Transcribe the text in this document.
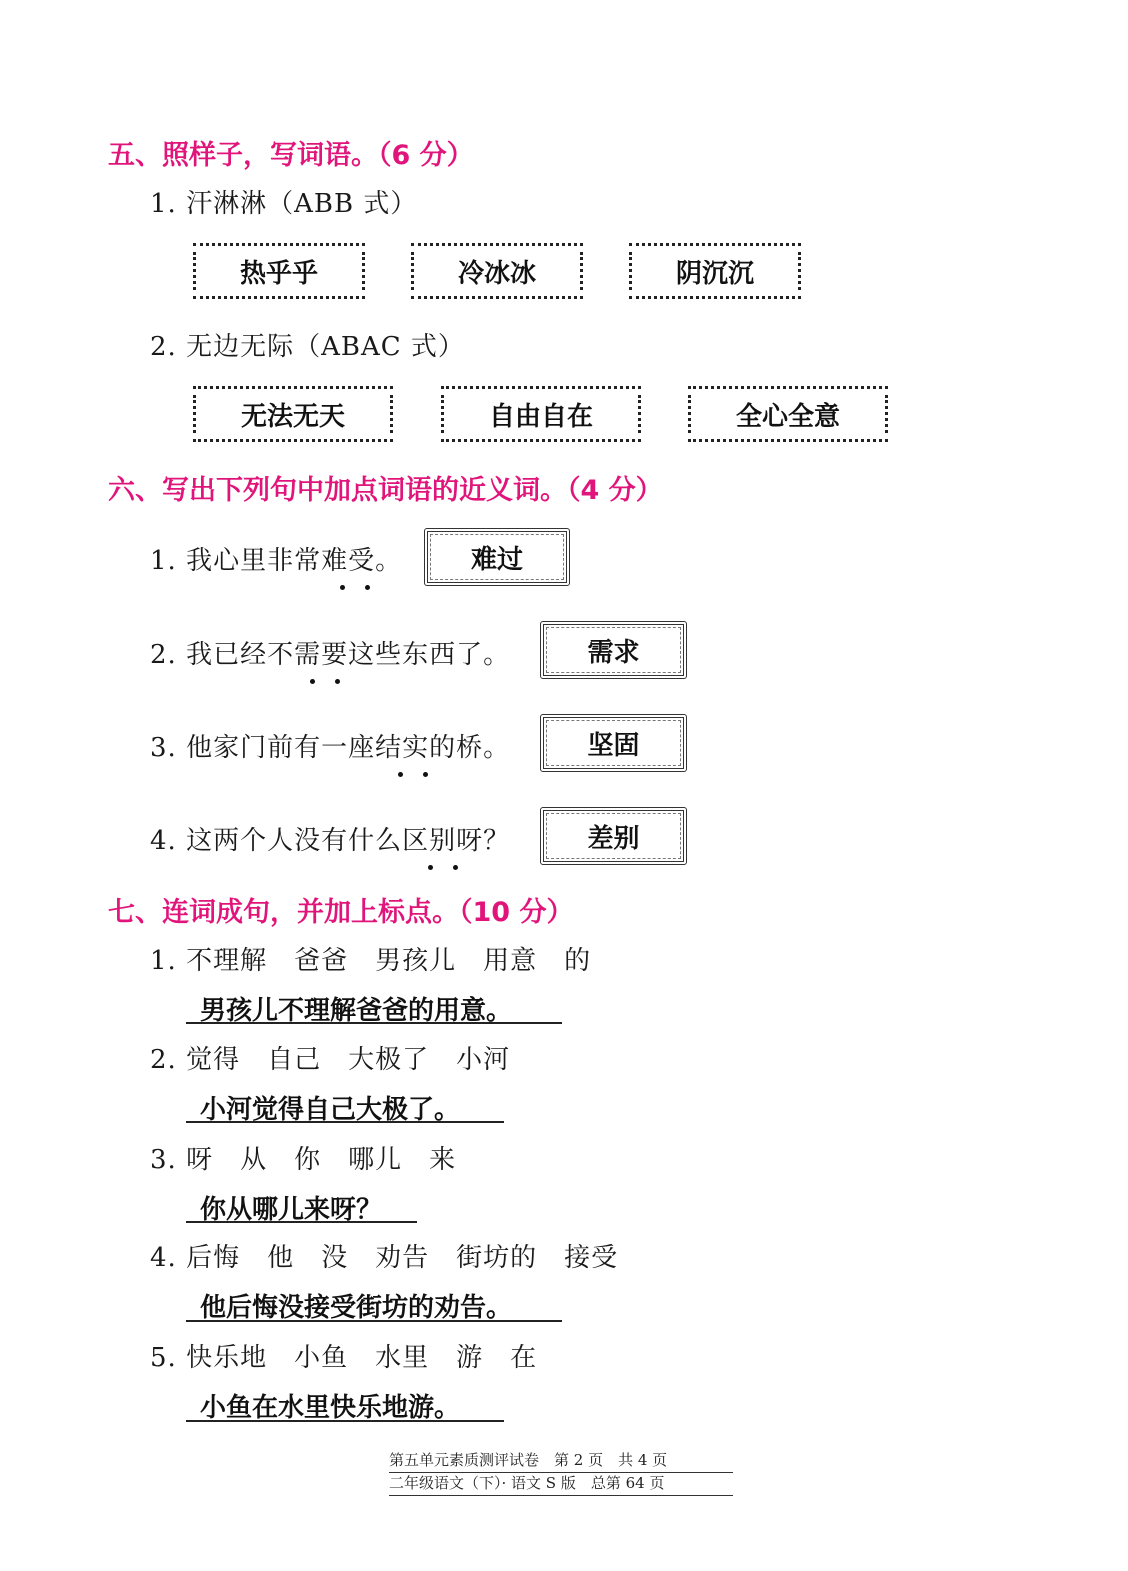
五、照样子，写词语。（6 分）
1. 汗淋淋（ABB 式）
热乎乎	冷冰冰	阴沉沉
2. 无边无际（ABAC 式）
无法无天	自由自在	全心全意
六、写出下列句中加点词语的近义词。（4 分）
1. 我心里非常难受。	难过
2. 我已经不需要这些东西了。	需求
3. 他家门前有一座结实的桥。	坚固
4. 这两个人没有什么区别呀？	差别
七、连词成句，并加上标点。（10 分）
1. 不理解　爸爸　男孩儿　用意　的
男孩儿不理解爸爸的用意。
2. 觉得　自己　大极了　小河
小河觉得自己大极了。
3. 呀　从　你　哪儿　来
你从哪儿来呀？
4. 后悔　他　没　劝告　街坊的　接受
他后悔没接受街坊的劝告。
5. 快乐地　小鱼　水里　游　在
小鱼在水里快乐地游。
第五单元素质测评试卷　第 2 页　共 4 页
二年级语文（下）· 语文 S 版　总第 64 页
